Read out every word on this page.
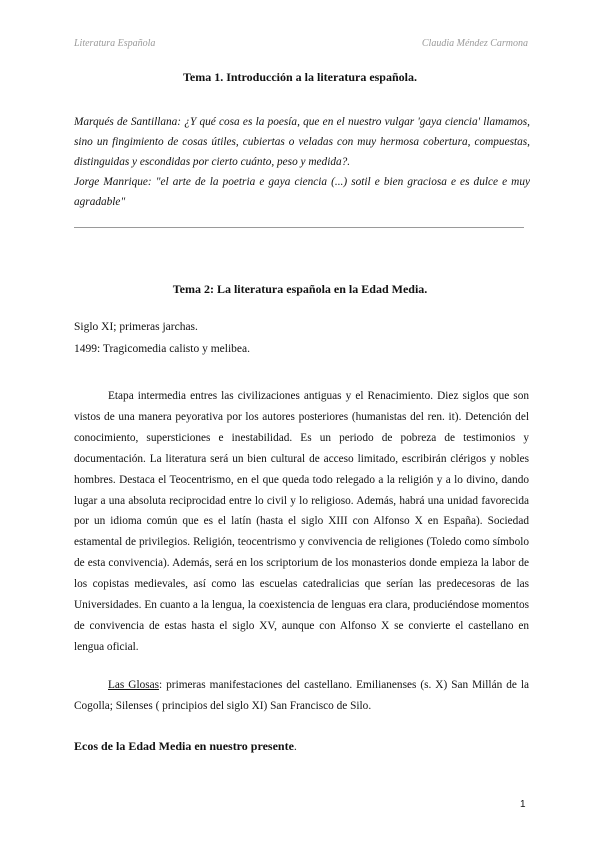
Literatura Española	Claudia Méndez Carmona
Tema 1. Introducción a la literatura española.

Marqués de Santillana: ¿Y qué cosa es la poesía, que en el nuestro vulgar 'gaya ciencia' llamamos, sino un fingimiento de cosas útiles, cubiertas o veladas con muy hermosa cobertura, compuestas, distinguidas y escondidas por cierto cuánto, peso y medida?.

Jorge Manrique: "el arte de la poetria e gaya ciencia (...) sotil e bien graciosa e es dulce e muy agradable"

Tema 2: La literatura española en la Edad Media.
Siglo XI; primeras jarchas.
1499: Tragicomedia calisto y melibea.

Etapa intermedia entres las civilizaciones antiguas y el Renacimiento. Diez siglos que son vistos de una manera peyorativa por los autores posteriores (humanistas del ren. it). Detención del conocimiento, supersticiones e inestabilidad. Es un periodo de pobreza de testimonios y documentación. La literatura será un bien cultural de acceso limitado, escribirán clérigos y nobles hombres. Destaca el Teocentrismo, en el que queda todo relegado a la religión y a lo divino, dando lugar a una absoluta reciprocidad entre lo civil y lo religioso. Además, habrá una unidad favorecida por un idioma común que es el latín (hasta el siglo XIII con Alfonso X en España). Sociedad estamental de privilegios. Religión, teocentrismo y convivencia de religiones (Toledo como símbolo de esta convivencia). Además, será en los scriptorium de los monasterios donde empieza la labor de los copistas medievales, así como las escuelas catedralicias que serían las predecesoras de las Universidades. En cuanto a la lengua, la coexistencia de lenguas era clara, produciéndose momentos de convivencia de estas hasta el siglo XV, aunque con Alfonso X se convierte el castellano en lengua oficial.

Las Glosas: primeras manifestaciones del castellano. Emilianenses (s. X) San Millán de la Cogolla; Silenses ( principios del siglo XI) San Francisco de Silo.

Ecos de la Edad Media en nuestro presente.
1
